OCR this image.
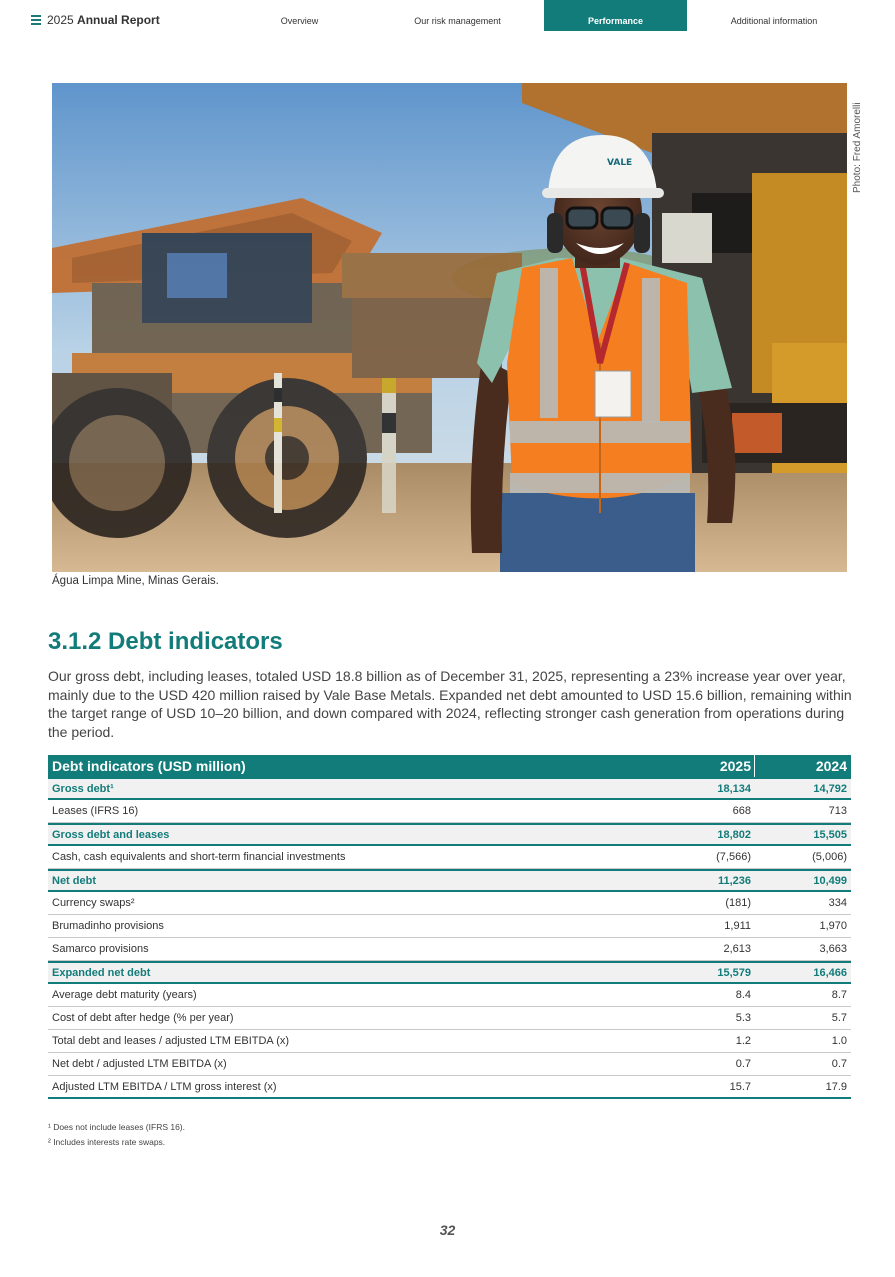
2025 Annual Report	Overview	Our risk management	Performance	Additional information
VALE	Photo: Fred Amorelli
Água Limpa Mine, Minas Gerais.
3.1.2 Debt indicators

Our gross debt, including leases, totaled USD 18.8 billion as of December 31, 2025, representing a 23% increase year over year, mainly due to the USD 420 million raised by Vale Base Metals. Expanded net debt amounted to USD 15.6 billion, remaining within the target range of USD 10–20 billion, and down compared with 2024, reflecting stronger cash generation from operations during the period.

Debt indicators (USD million)	2025	2024
Gross debt¹	18,134	14,792
Leases (IFRS 16)	668	713
Gross debt and leases	18,802	15,505
Cash, cash equivalents and short-term financial investments	(7,566)	(5,006)
Net debt	11,236	10,499
Currency swaps²	(181)	334
Brumadinho provisions	1,911	1,970
Samarco provisions	2,613	3,663
Expanded net debt	15,579	16,466
Average debt maturity (years)	8.4	8.7
Cost of debt after hedge (% per year)	5.3	5.7
Total debt and leases / adjusted LTM EBITDA (x)	1.2	1.0
Net debt / adjusted LTM EBITDA (x)	0.7	0.7
Adjusted LTM EBITDA / LTM gross interest (x)	15.7	17.9
¹ Does not include leases (IFRS 16).
² Includes interests rate swaps.
32
